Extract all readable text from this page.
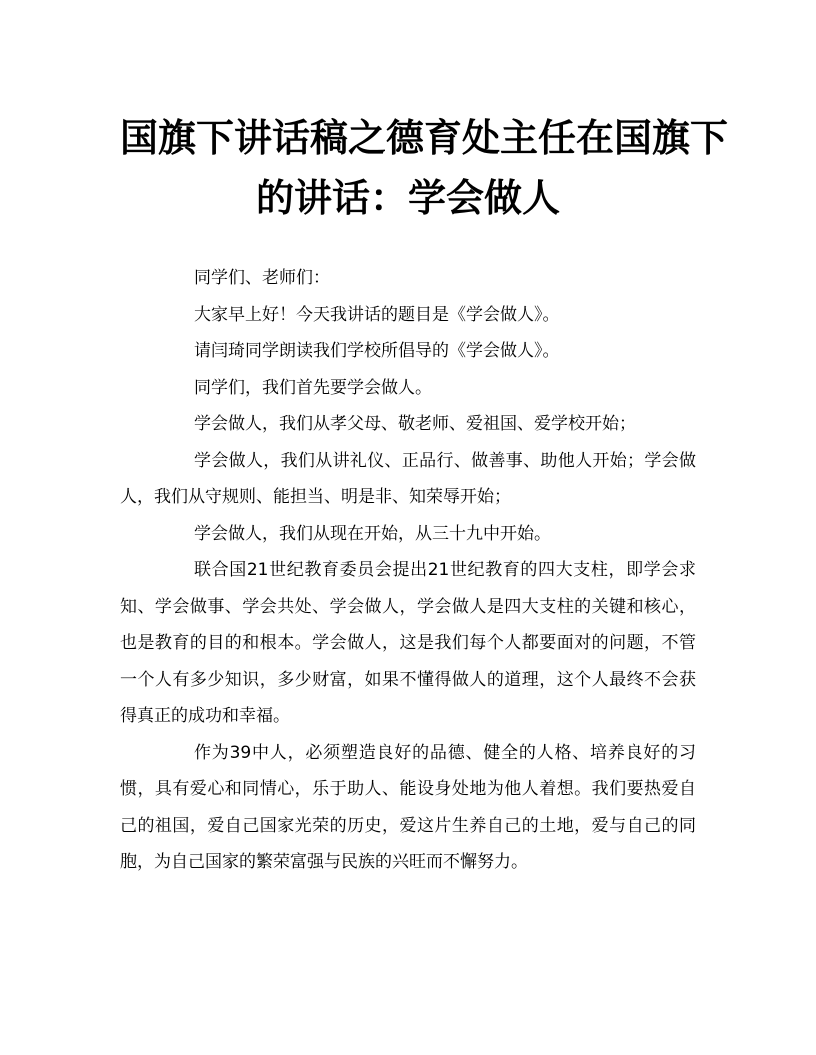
国旗下讲话稿之德育处主任在国旗下
的讲话：学会做人

同学们、老师们：

大家早上好！今天我讲话的题目是《学会做人》。

请闫琦同学朗读我们学校所倡导的《学会做人》。

同学们，我们首先要学会做人。

学会做人，我们从孝父母、敬老师、爱祖国、爱学校开始；

学会做人，我们从讲礼仪、正品行、做善事、助他人开始；学会做人，我们从守规则、能担当、明是非、知荣辱开始；

学会做人，我们从现在开始，从三十九中开始。

联合国21世纪教育委员会提出21世纪教育的四大支柱，即学会求知、学会做事、学会共处、学会做人，学会做人是四大支柱的关键和核心，也是教育的目的和根本。学会做人，这是我们每个人都要面对的问题，不管一个人有多少知识，多少财富，如果不懂得做人的道理，这个人最终不会获得真正的成功和幸福。

作为39中人，必须塑造良好的品德、健全的人格、培养良好的习惯，具有爱心和同情心，乐于助人、能设身处地为他人着想。我们要热爱自己的祖国，爱自己国家光荣的历史，爱这片生养自己的土地，爱与自己的同胞，为自己国家的繁荣富强与民族的兴旺而不懈努力。
